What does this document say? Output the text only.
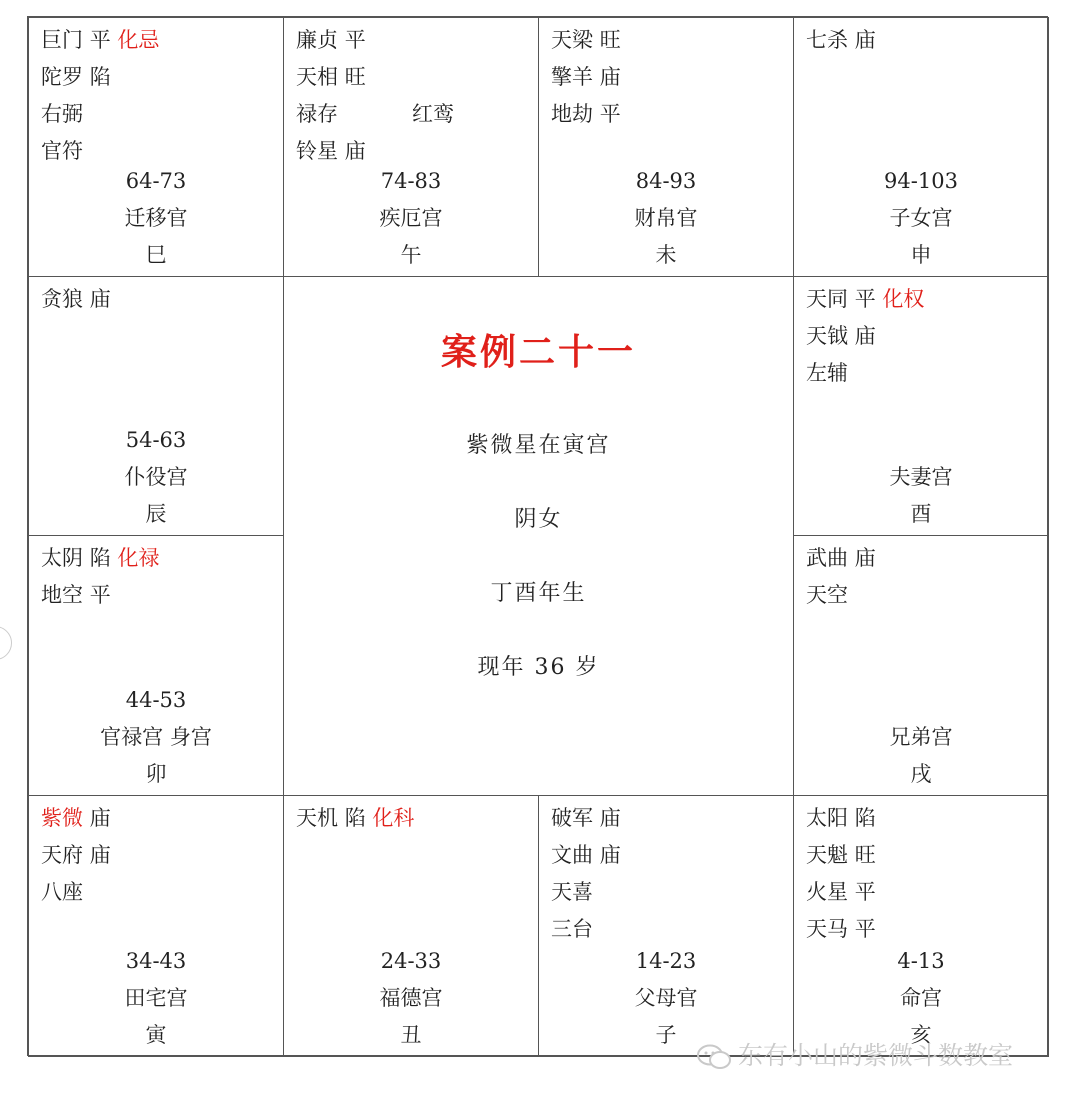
巨门 平 化忌
陀罗 陷
右弼
官符
64-73
迁移官
巳
廉贞 平
天相 旺
禄存	红鸾
铃星 庙
74-83
疾厄宫
午
天梁 旺
擎羊 庙
地劫 平
84-93
财帛官
未
七杀 庙
94-103
子女宫
申
贪狼 庙
54-63
仆役宫
辰
案例二十一
紫微星在寅宫
阴女
丁酉年生
现年 36 岁
天同 平 化权
天钺 庙
左辅
夫妻宫
酉
太阴 陷 化禄
地空 平
44-53
官禄宫 身宫
卯
武曲 庙
天空
兄弟宫
戌
紫微 庙
天府 庙
八座
34-43
田宅宫
寅
天机 陷 化科
24-33
福德宫
丑
破军 庙
文曲 庙
天喜
三台
14-23
父母官
子
太阳 陷
天魁 旺
火星 平
天马 平
4-13
命宫
亥
东有小山的紫微斗数教室
